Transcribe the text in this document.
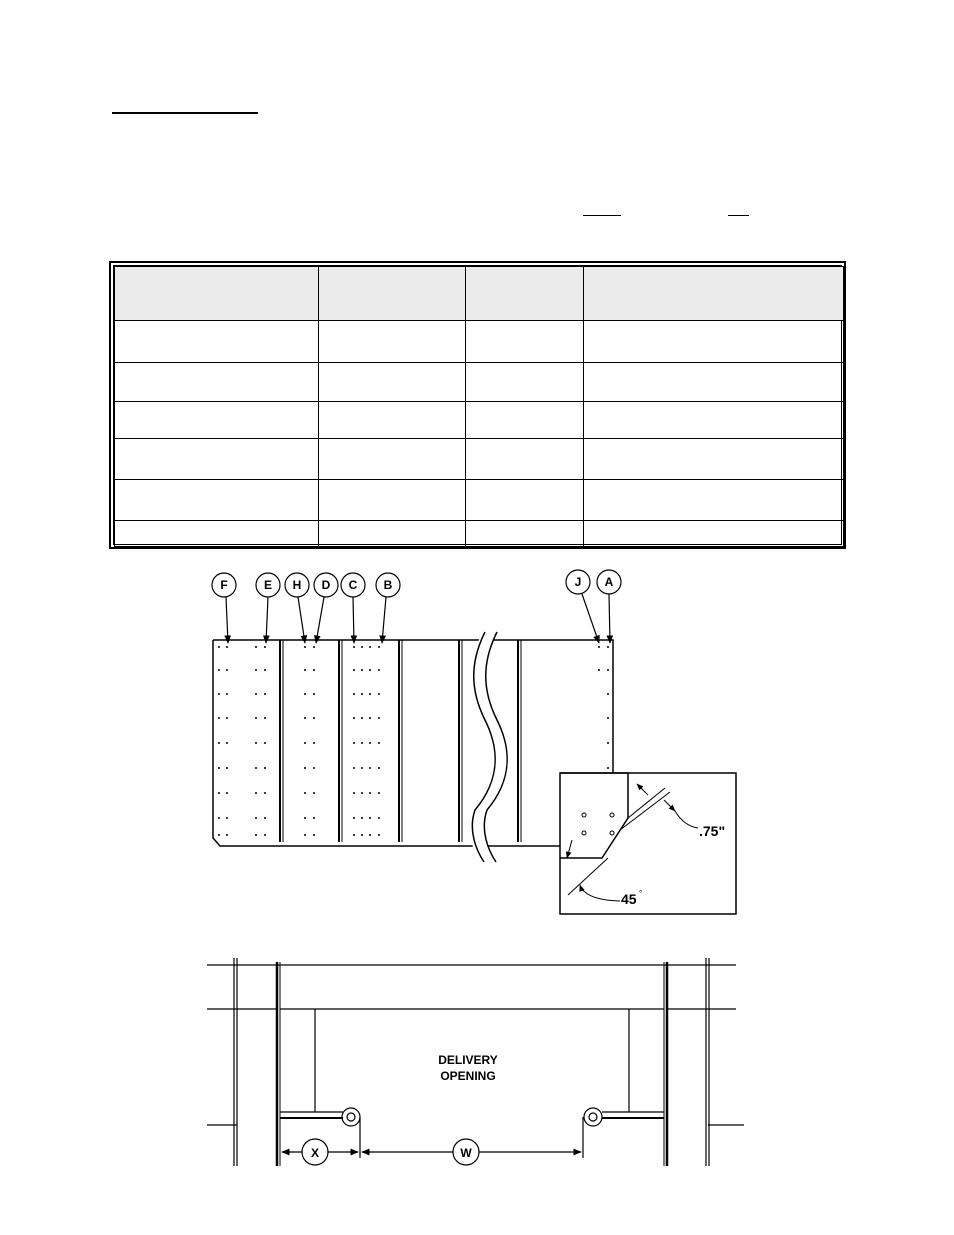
F	E H D C B	J A
.75"
45 °
DELIVERY
OPENING
X	W
